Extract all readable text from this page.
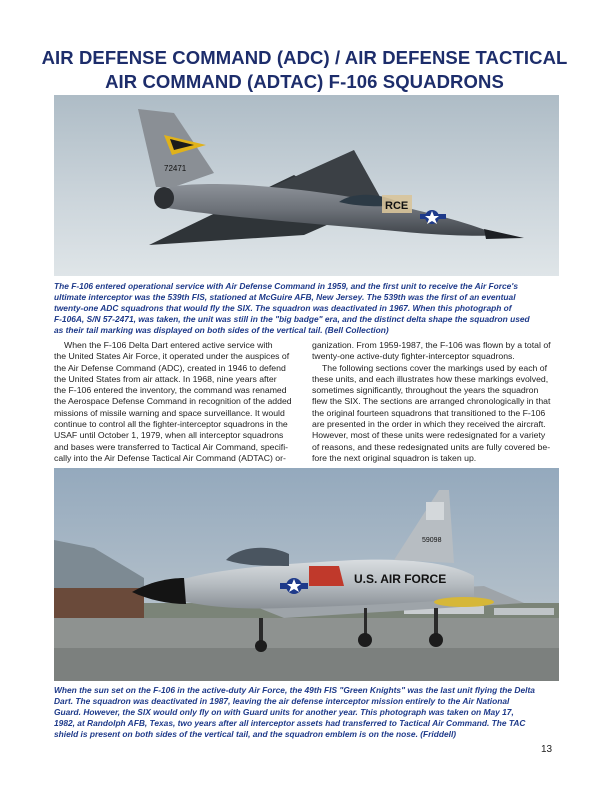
AIR DEFENSE COMMAND (ADC) / AIR DEFENSE TACTICAL
AIR COMMAND (ADTAC) F-106 SQUADRONS
72471
RCE
The F-106 entered operational service with Air Defense Command in 1959, and the first unit to receive the Air Force's
ultimate interceptor was the 539th FIS, stationed at McGuire AFB, New Jersey. The 539th was the first of an eventual
twenty-one ADC squadrons that would fly the SIX. The squadron was deactivated in 1967. When this photograph of
F-106A, S/N 57-2471, was taken, the unit was still in the "big badge" era, and the distinct delta shape the squadron used
as their tail marking was displayed on both sides of the vertical tail. (Bell Collection)
When the F-106 Delta Dart entered active service with
the United States Air Force, it operated under the auspices of
the Air Defense Command (ADC), created in 1946 to defend
the United States from air attack. In 1968, nine years after
the F-106 entered the inventory, the command was renamed
the Aerospace Defense Command in recognition of the added
missions of missile warning and space surveillance. It would
continue to control all the fighter-interceptor squadrons in the
USAF until October 1, 1979, when all interceptor squadrons
and bases were transferred to Tactical Air Command, specifi-
cally into the Air Defense Tactical Air Command (ADTAC) or-
ganization. From 1959-1987, the F-106 was flown by a total of
twenty-one active-duty fighter-interceptor squadrons.
The following sections cover the markings used by each of
these units, and each illustrates how these markings evolved,
sometimes significantly, throughout the years the squadron
flew the SIX. The sections are arranged chronologically in that
the original fourteen squadrons that transitioned to the F-106
are presented in the order in which they received the aircraft.
However, most of these units were redesignated for a variety
of reasons, and these redesignated units are fully covered be-
fore the next original squadron is taken up.
U.S. AIR FORCE
59098
When the sun set on the F-106 in the active-duty Air Force, the 49th FIS "Green Knights" was the last unit flying the Delta
Dart. The squadron was deactivated in 1987, leaving the air defense interceptor mission entirely to the Air National
Guard. However, the SIX would only fly on with Guard units for another year. This photograph was taken on May 17,
1982, at Randolph AFB, Texas, two years after all interceptor assets had transferred to Tactical Air Command. The TAC
shield is present on both sides of the vertical tail, and the squadron emblem is on the nose. (Friddell)
13
